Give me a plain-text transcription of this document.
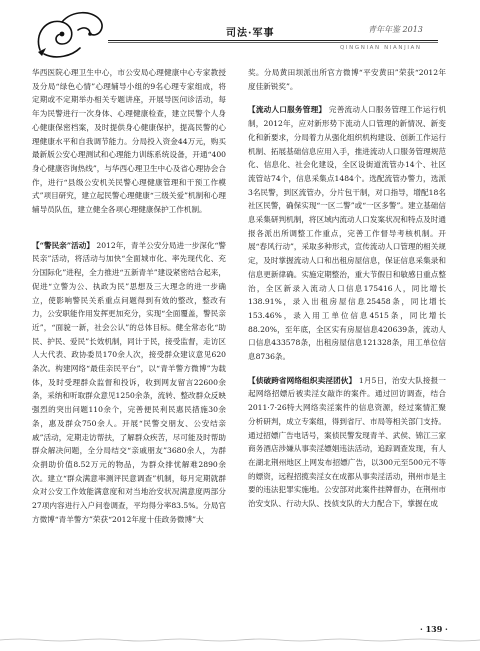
司法·军事	青年年鉴 2013
QINGNIAN NIANJIAN

华西医院心理卫生中心，市公安局心理健康中心专家教授及分局“绿色心情”心理辅导小组的9名心理专家组成，将定期或不定期举办相关专题讲座，开展导医问诊活动，每年为民警进行一次身体、心理健康检查，建立民警个人身心健康保密档案，及时提供身心健康保护，提高民警的心理健康水平和自我调节能力。分局投入资金44万元，购买最新版公安心理测试和心理能力训练系统设备，开通“400身心健康咨询热线”，与华西心理卫生中心及省心理协会合作，进行“县级公安机关民警心理健康管理和干预工作模式”项目研究，建立起民警心理健康“三级关爱”机制和心理辅导员队伍，建立健全各项心理健康保护工作机制。

【“警民亲”活动】 2012年，青羊公安分局进一步深化“警民亲”活动，将活动与加快“全面城市化、率先现代化、充分国际化”进程，全力推进“五新青羊”建设紧密结合起来，促进“立警为公、执政为民”思想及三大理念的进一步确立，使影响警民关系重点问题得到有效的整改，整改有力，公安职能作用发挥更加充分，实现“全面覆盖，警民亲近”，“面貌一新，社会公认”的总体目标。健全常态化“助民、护民、爱民”长效机制，同计于民，接受监督，走访区人大代表、政协委员170余人次，接受群众建议意见620条次。构建网络“最佳亲民平台”，以“青羊警方微博”为载体，及时受理群众监督和投诉，收到网友留言22600余条，采纳和听取群众意见1250余条，流转、整改群众反映强烈的突出问题110余个，完善便民利民惠民措施30余条，惠及群众750余人。开展“民警交朋友、公安结亲戚”活动，定期走访帮扶，了解群众疾苦，尽可能及时帮助群众解决问题，全分局结交“亲戚朋友”3680余人，为群众捐助价值8.52万元的物品，为群众排忧解难2890余次。建立“群众满意率测评民意调查”机制，每月定期就群众对公安工作效能满意度和对当地治安状况满意度两部分27项内容进行入户问卷调查，平均得分率83.5%。分局官方微博“青羊警方”荣获“2012年度十佳政务微博”大

奖。分局黄田坝派出所官方微博“平安黄田”荣获“2012年度佳新锐奖”。

【流动人口服务管理】 完善流动人口服务管理工作运行机制，2012年，应对新形势下流动人口管理的新情况、新变化和新要求，分局着力从强化组织机构建设、创新工作运行机制、拓展基础信息应用入手，推进流动人口服务管理规范化、信息化、社会化建设，全区设街道流管办14个、社区流管站74个，信息采集点1484个。选配流管办警力，选派3名民警，到区流管办，分片包干制，对口指导，增配18名社区民警，确保实现“一区二警”或“一区多警”。建立基础信息采集研判机制，将区域内流动人口发案状况和特点及时通报各派出所调整工作重点，完善工作督导考核机制。开展“春风行动”，采取多种形式，宣传流动人口管理的相关规定，及时掌握流动人口和出租房屋信息，保证信息采集录和信息更新律确。实施定期整治，重大节假日和敏感日重点整治，全区新录入流动人口信息175416人，同比增长138.91%，录入出租房屋信息25458条，同比增长153.46%，录入用工单位信息4515条，同比增长88.20%，至年底，全区实有房屋信息420639条，流动人口信息433578条，出租房屋信息121328条，用工单位信息8736条。

【侦破跨省网络组织卖淫团伙】 1月5日，治安大队接报一起网络招嫖后被卖淫女敲诈的案件。通过回访调查，结合2011·7·26特大网络卖淫案件的信息资源，经过案情汇聚分析研判，成立专案组，得到省厅、市局等相关部门支持。通过招嫖广告电话号，案侦民警发现青羊、武侯、锦江三家商务酒店涉嫌从事卖淫嫖娼违法活动，追踪调查发现，有人在湖北荆州地区上网发布招嫖广告，以300元至500元不等的嫖资，远程招揽卖淫女在成都从事卖淫活动，荆州市是主要的违法犯罪实施地。公安部对此案件挂牌督办，在荆州市治安支队、行动大队、技侦支队的大力配合下，掌握在成

· 139 ·
